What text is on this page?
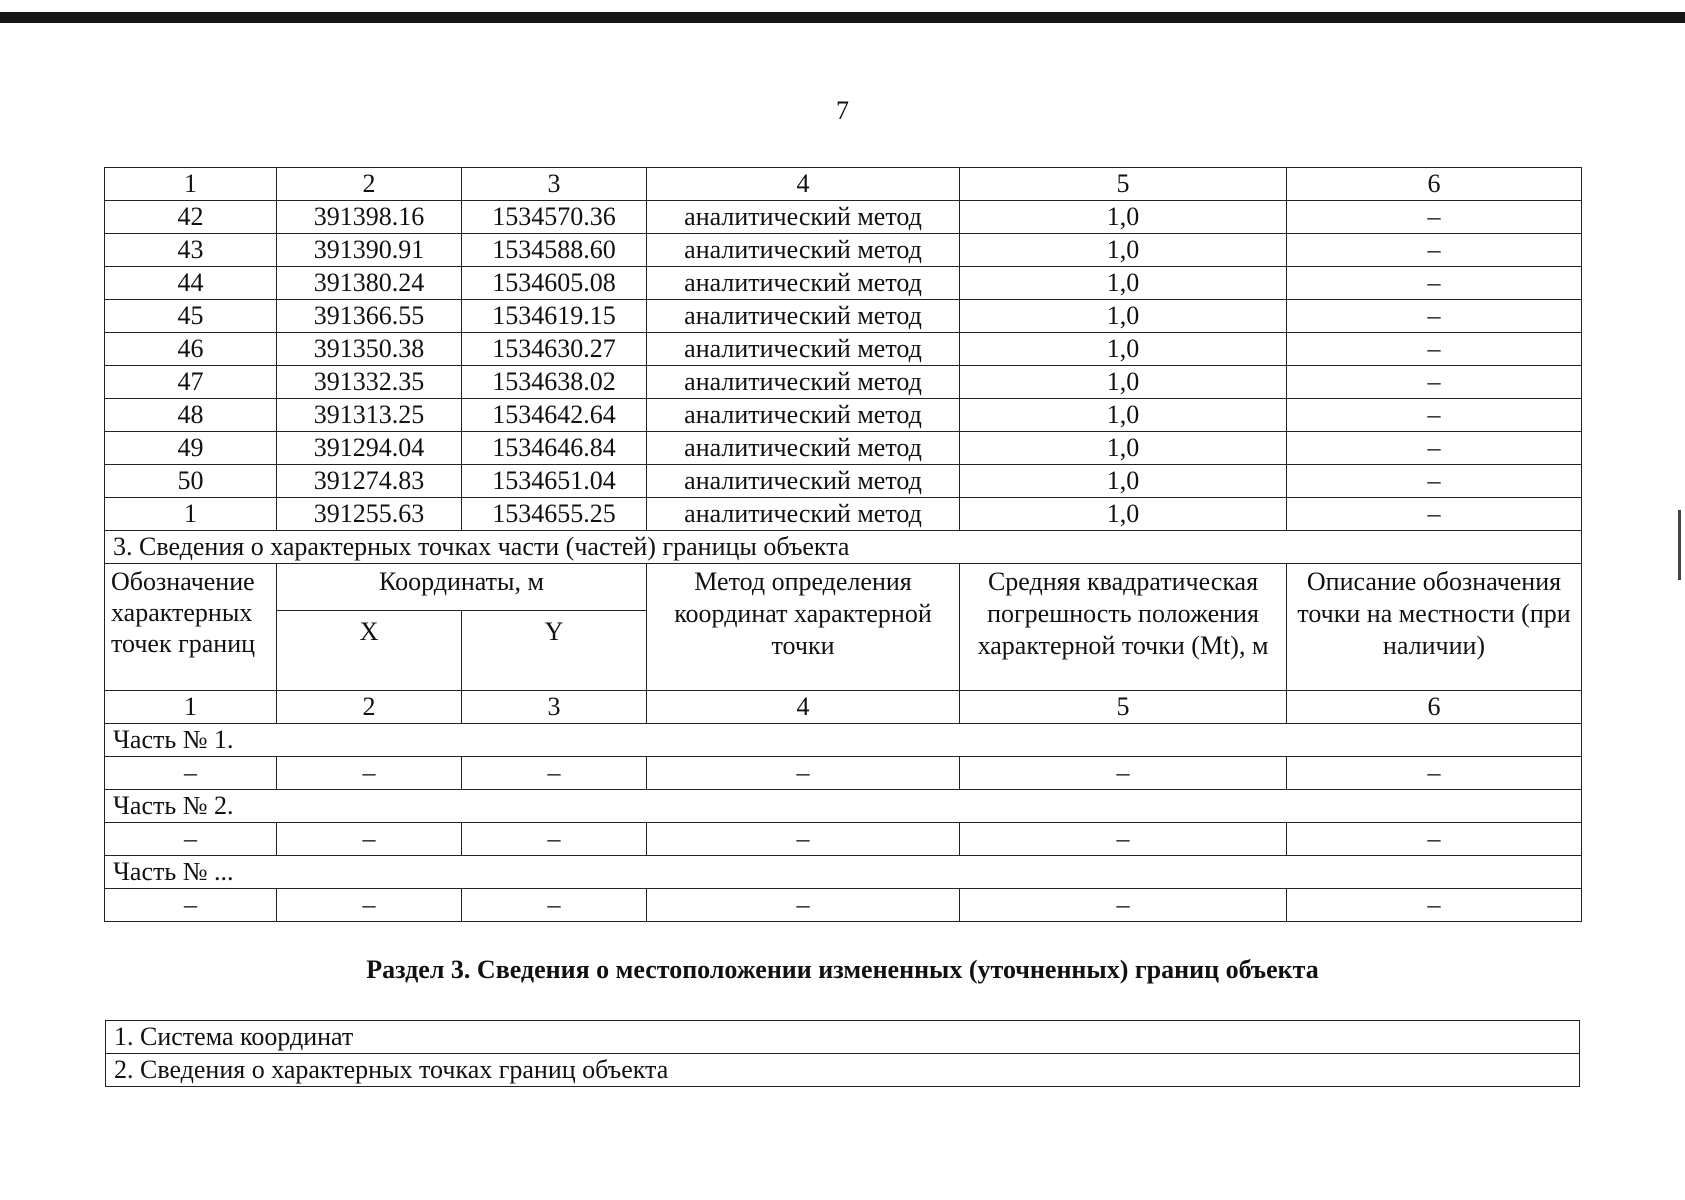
7
1	2	3	4	5	6
42	391398.16	1534570.36	аналитический метод	1,0	–
43	391390.91	1534588.60	аналитический метод	1,0	–
44	391380.24	1534605.08	аналитический метод	1,0	–
45	391366.55	1534619.15	аналитический метод	1,0	–
46	391350.38	1534630.27	аналитический метод	1,0	–
47	391332.35	1534638.02	аналитический метод	1,0	–
48	391313.25	1534642.64	аналитический метод	1,0	–
49	391294.04	1534646.84	аналитический метод	1,0	–
50	391274.83	1534651.04	аналитический метод	1,0	–
1	391255.63	1534655.25	аналитический метод	1,0	–
3. Сведения о характерных точках части (частей) границы объекта					
Обозначение характерных точек границ	Координаты, м		Метод определения координат характерной точки	Средняя квадратическая погрешность положения характерной точки (Mt), м	Описание обозначения точки на местности (при наличии)
	X	Y			
1	2	3	4	5	6
Часть № 1.					
–	–	–	–	–	–
Часть № 2.					
–	–	–	–	–	–
Часть № ...					
–	–	–	–	–	–
Раздел 3. Сведения о местоположении измененных (уточненных) границ объекта
1. Система координат
2. Сведения о характерных точках границ объекта
